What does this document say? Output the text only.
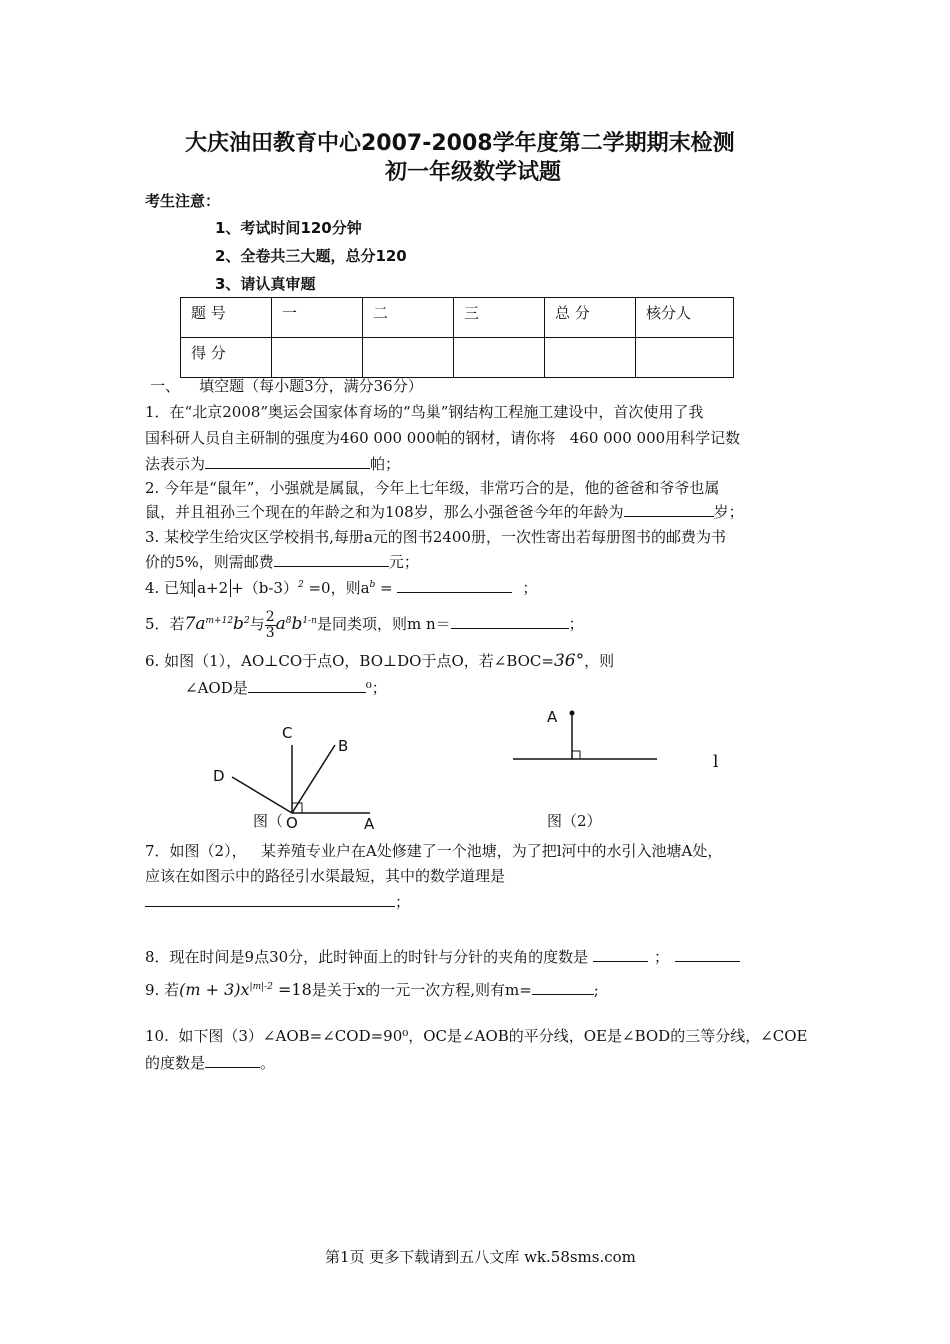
大庆油田教育中心2007-2008学年度第二学期期末检测
初一年级数学试题
考生注意：
1、考试时间120分钟
2、全卷共三大题，总分120
3、请认真审题
题 号	一	二	三	总 分	核分人
得 分					
一、    填空题（每小题3分，满分36分）
1．在“北京2008”奥运会国家体育场的“鸟巢”钢结构工程施工建设中，首次使用了我
国科研人员自主研制的强度为460 000 000帕的钢材，请你将   460 000 000用科学记数
法表示为	帕；
2. 今年是“鼠年”，小强就是属鼠，今年上七年级，非常巧合的是，他的爸爸和爷爷也属
鼠，并且祖孙三个现在的年龄之和为108岁，那么小强爸爸今年的年龄为	岁；
3. 某校学生给灾区学校捐书,每册a元的图书2400册，一次性寄出若每册图书的邮费为书
价的5%，则需邮费	元；
4. 已知 $a+2 +(b-3)^2 =0$，则$a^b$ =	；
5．若$7a^{m+12}b^2$与 $\frac{2}{3} a^8b^{1-n}$是同类项，则m n＝	；
6. 如图（1），AO⊥CO于点O，BO⊥DO于点O，若∠BOC=36°，则
∠AOD是	⁰；
C
B
D
图（ O	A
A
l
图（2）
7．如图（2），   某养殖专业户在A处修建了一个池塘，为了把l河中的水引入池塘A处，
应该在如图示中的路径引水渠最短，其中的数学道理是
；
8．现在时间是9点30分，此时钟面上的时针与分针的夹角的度数是	；
9. 若$(m + 3)x^{|m|-2} =18$是关于x的一元一次方程,则有m=	;
10.  如下图（3）∠AOB=∠COD=90⁰，OC是∠AOB的平分线，OE是∠BOD的三等分线，∠COE
的度数是	。
第1页 更多下载请到五八文库 wk.58sms.com
